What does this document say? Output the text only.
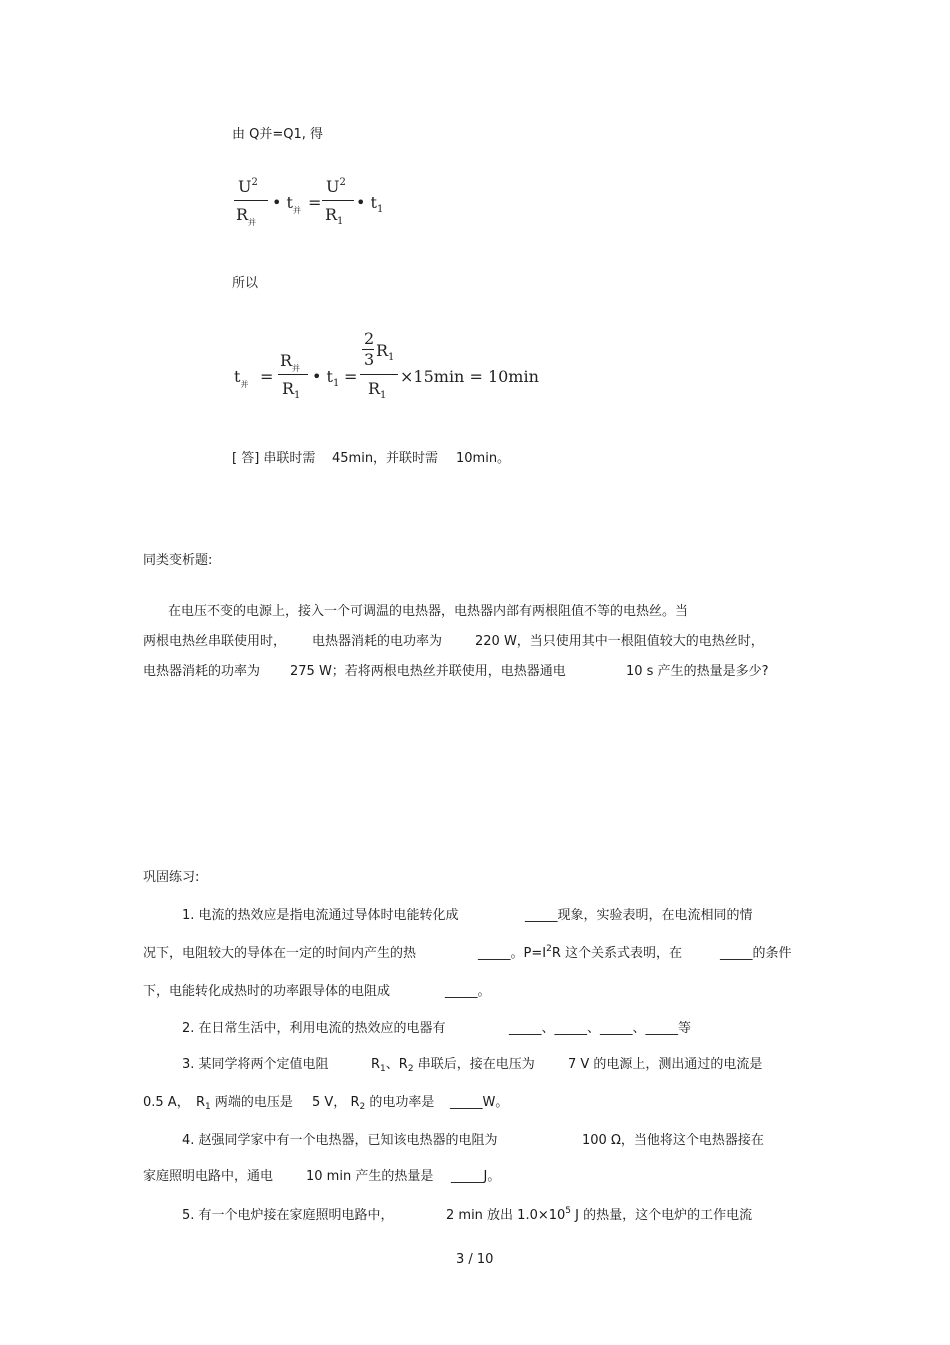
由 Q并=Q1, 得
$U^2$
$R_并$
• $t_并$ =
$U^2$
$R_1$
• $t_1$
所以
$t_并$ =
$R_并$
$R_1$
• $t_1$ =
2
3 $R_1$
$R_1$
×15min = 10min
[ 答] 串联时需 45min，并联时需 10min。
同类变析题:
在电压不变的电源上，接入一个可调温的电热器，电热器内部有两根阻值不等的电热丝。当
两根电热丝串联使用时， 电热器消耗的电功率为	220 W，当只使用其中一根阻值较大的电热丝时，
电热器消耗的功率为 275 W；若将两根电热丝并联使用，电热器通电	10 s 产生的热量是多少?
巩固练习:
1. 电流的热效应是指电流通过导体时电能转化成	_____现象，实验表明，在电流相同的情
况下，电阻较大的导体在一定的时间内产生的热	_____。$P=I^2R$ 这个关系式表明，在	_____的条件
下，电能转化成热时的功率跟导体的电阻成	_____。
2. 在日常生活中，利用电流的热效应的电器有	_____、_____、_____、_____等
3. 某同学将两个定值电阻	$R_1$、$R_2$ 串联后，接在电压为	7 V 的电源上，测出通过的电流是
0.5 A， $R_1$ 两端的电压是 5 V， $R_2$ 的电功率是 _____W。
4. 赵强同学家中有一个电热器，已知该电热器的电阻为	100 Ω，当他将这个电热器接在
家庭照明电路中，通电	10 min 产生的热量是 _____J。
5. 有一个电炉接在家庭照明电路中，	2 min 放出 $1.0\times 10^5$ J 的热量，这个电炉的工作电流
3 / 10
